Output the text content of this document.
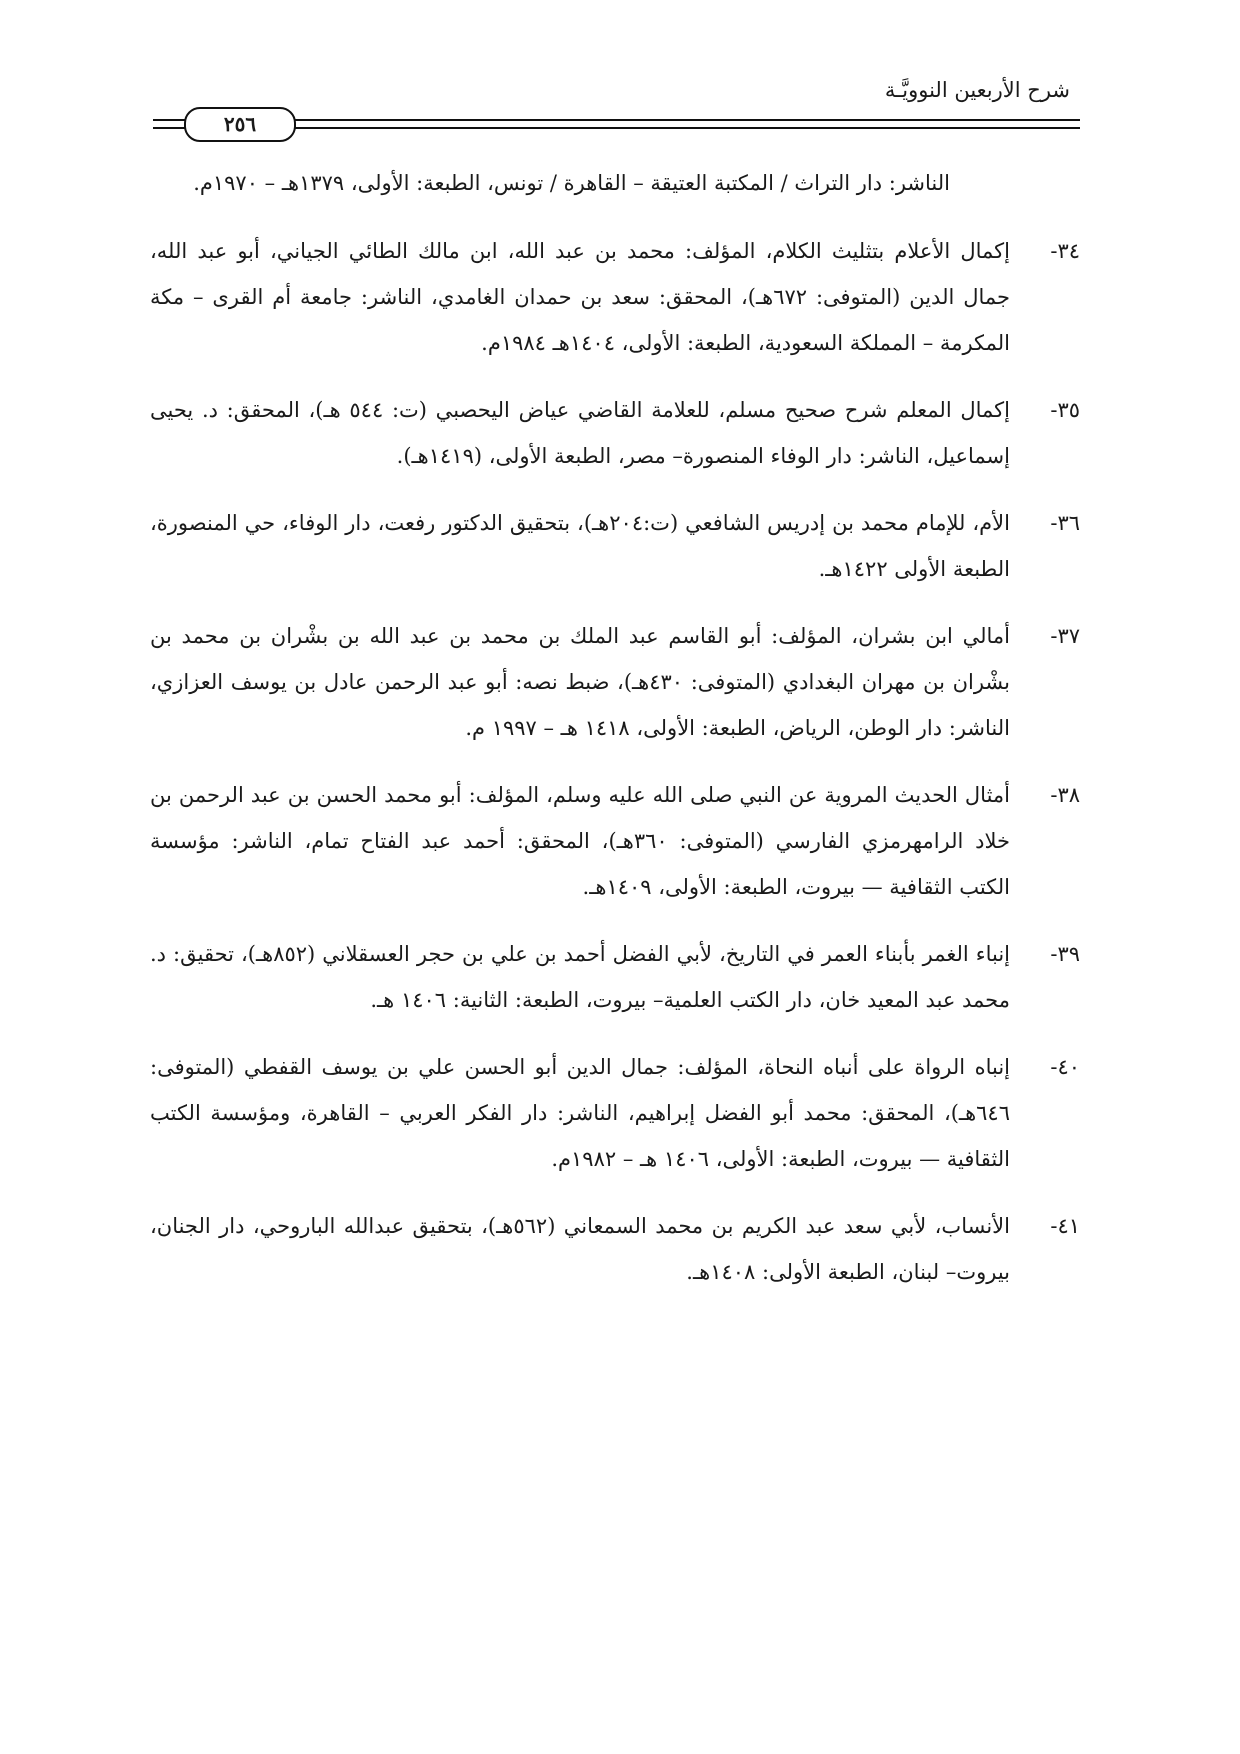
شرح الأربعين النوويَّـة
٢٥٦

الناشر: دار التراث / المكتبة العتيقة – القاهرة / تونس، الطبعة: الأولى، ١٣٧٩هـ – ١٩٧٠م.

٣٤-
إكمال الأعلام بتثليث الكلام، المؤلف: محمد بن عبد الله، ابن مالك الطائي الجياني، أبو عبد الله، جمال الدين (المتوفى: ٦٧٢هـ)، المحقق: سعد بن حمدان الغامدي، الناشر: جامعة أم القرى – مكة المكرمة – المملكة السعودية، الطبعة: الأولى، ١٤٠٤هـ ١٩٨٤م.
٣٥-
إكمال المعلم شرح صحيح مسلم، للعلامة القاضي عياض اليحصبي (ت: ٥٤٤ هـ)، المحقق: د. يحيى إسماعيل، الناشر: دار الوفاء المنصورة– مصر، الطبعة الأولى، (١٤١٩هـ).
٣٦-
الأم، للإمام محمد بن إدريس الشافعي (ت:٢٠٤هـ)، بتحقيق الدكتور رفعت، دار الوفاء، حي المنصورة، الطبعة الأولى ١٤٢٢هـ.
٣٧-
أمالي ابن بشران، المؤلف: أبو القاسم عبد الملك بن محمد بن عبد الله بن بشْران بن محمد بن بشْران بن مهران البغدادي (المتوفى: ٤٣٠هـ)، ضبط نصه: أبو عبد الرحمن عادل بن يوسف العزازي، الناشر: دار الوطن، الرياض، الطبعة: الأولى، ١٤١٨ هـ – ١٩٩٧ م.
٣٨-
أمثال الحديث المروية عن النبي صلى الله عليه وسلم، المؤلف: أبو محمد الحسن بن عبد الرحمن بن خلاد الرامهرمزي الفارسي (المتوفى: ٣٦٠هـ)، المحقق: أحمد عبد الفتاح تمام، الناشر: مؤسسة الكتب الثقافية — بيروت، الطبعة: الأولى، ١٤٠٩هـ.
٣٩-
إنباء الغمر بأبناء العمر في التاريخ، لأبي الفضل أحمد بن علي بن حجر العسقلاني (٨٥٢هـ)، تحقيق: د. محمد عبد المعيد خان، دار الكتب العلمية– بيروت، الطبعة: الثانية: ١٤٠٦ هـ.
٤٠-
إنباه الرواة على أنباه النحاة، المؤلف: جمال الدين أبو الحسن علي بن يوسف القفطي (المتوفى: ٦٤٦هـ)، المحقق: محمد أبو الفضل إبراهيم، الناشر: دار الفكر العربي – القاهرة، ومؤسسة الكتب الثقافية — بيروت، الطبعة: الأولى، ١٤٠٦ هـ – ١٩٨٢م.
٤١-
الأنساب، لأبي سعد عبد الكريم بن محمد السمعاني (٥٦٢هـ)، بتحقيق عبدالله الباروحي، دار الجنان، بيروت– لبنان، الطبعة الأولى: ١٤٠٨هـ.
